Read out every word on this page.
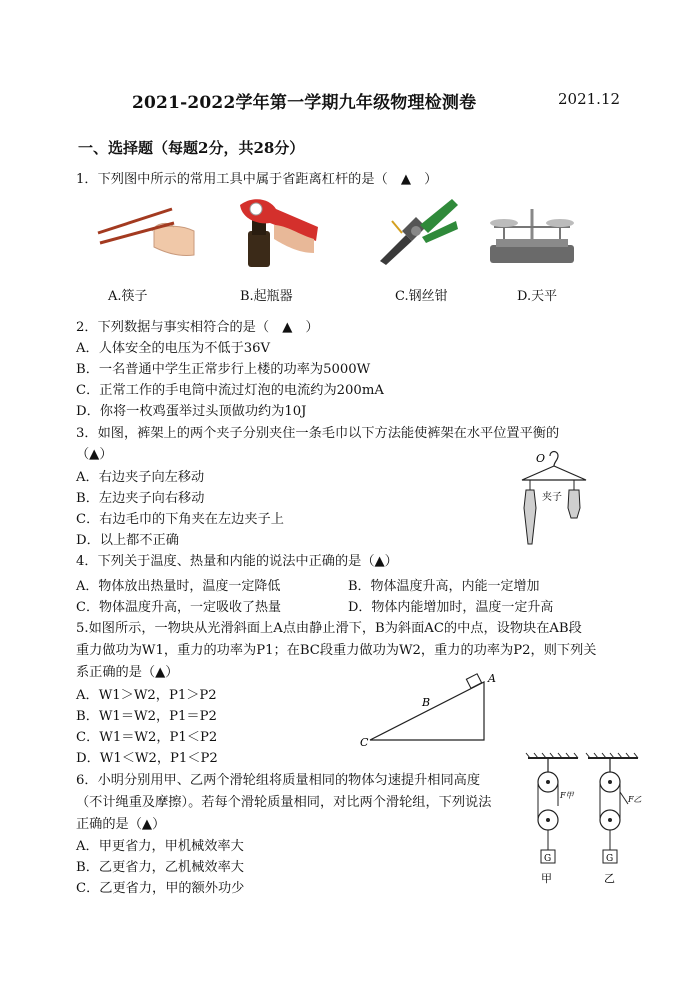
2021-2022学年第一学期九年级物理检测卷	2021.12
一、选择题（每题2分，共28分）
1．下列图中所示的常用工具中属于省距离杠杆的是（　▲　）
A.筷子	B.起瓶器	C.钢丝钳	D.天平
2．下列数据与事实相符合的是（　▲　）
A．人体安全的电压为不低于36V
B．一名普通中学生正常步行上楼的功率为5000W
C．正常工作的手电筒中流过灯泡的电流约为200mA
D．你将一枚鸡蛋举过头顶做功约为10J
3．如图，裤架上的两个夹子分别夹住一条毛巾以下方法能使裤架在水平位置平衡的
（▲）
A．右边夹子向左移动
B．左边夹子向右移动
C．右边毛巾的下角夹在左边夹子上
D．以上都不正确
O
夹子
4．下列关于温度、热量和内能的说法中正确的是（▲）
A．物体放出热量时，温度一定降低	B．物体温度升高，内能一定增加
C．物体温度升高，一定吸收了热量	D．物体内能增加时，温度一定升高
5.如图所示，一物块从光滑斜面上A点由静止滑下，B为斜面AC的中点，设物块在AB段
重力做功为W1，重力的功率为P1；在BC段重力做功为W2，重力的功率为P2，则下列关
系正确的是（▲）
A．W1＞W2，P1＞P2
B．W1＝W2，P1＝P2
C．W1＝W2，P1＜P2
D．W1＜W2，P1＜P2
A
B
C
6．小明分别用甲、乙两个滑轮组将质量相同的物体匀速提升相同高度
（不计绳重及摩擦）。若每个滑轮质量相同，对比两个滑轮组，下列说法
正确的是（▲）
A．甲更省力，甲机械效率大
B．乙更省力，乙机械效率大
C．乙更省力，甲的额外功少
G
F甲
甲
G
F乙
乙
